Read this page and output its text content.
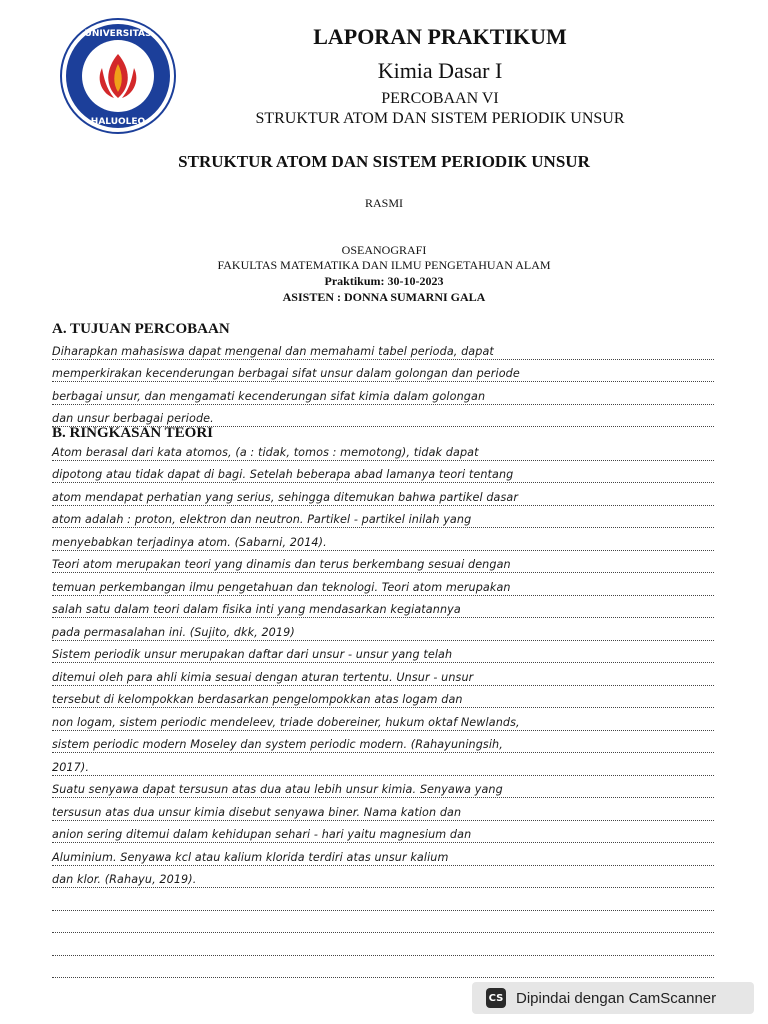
UNIVERSITAS
HALUOLEO
LAPORAN PRAKTIKUM
Kimia Dasar I
PERCOBAAN VI
STRUKTUR ATOM DAN SISTEM PERIODIK UNSUR
STRUKTUR ATOM DAN SISTEM PERIODIK UNSUR
RASMI
OSEANOGRAFI
FAKULTAS MATEMATIKA DAN ILMU PENGETAHUAN ALAM
Praktikum: 30-10-2023
ASISTEN : DONNA SUMARNI GALA
A. TUJUAN PERCOBAAN
Diharapkan mahasiswa dapat mengenal dan memahami tabel perioda, dapat
memperkirakan kecenderungan berbagai sifat unsur dalam golongan dan periode
berbagai unsur, dan mengamati kecenderungan sifat kimia dalam golongan
dan unsur berbagai periode.
B. RINGKASAN TEORI
Atom berasal dari kata atomos, (a : tidak, tomos : memotong), tidak dapat
dipotong atau tidak dapat di bagi. Setelah beberapa abad lamanya teori tentang
atom mendapat perhatian yang serius, sehingga ditemukan bahwa partikel dasar
atom adalah : proton, elektron dan neutron. Partikel - partikel inilah yang
menyebabkan terjadinya atom. (Sabarni, 2014).
Teori atom merupakan teori yang dinamis dan terus berkembang sesuai dengan
temuan perkembangan ilmu pengetahuan dan teknologi. Teori atom merupakan
salah satu dalam teori dalam fisika inti yang mendasarkan kegiatannya
pada permasalahan ini. (Sujito, dkk, 2019)
Sistem periodik unsur merupakan daftar dari unsur - unsur yang telah
ditemui oleh para ahli kimia sesuai dengan aturan tertentu. Unsur - unsur
tersebut di kelompokkan berdasarkan pengelompokkan atas logam dan
non logam, sistem periodic mendeleev, triade dobereiner, hukum oktaf Newlands,
sistem periodic modern Moseley dan system periodic modern. (Rahayuningsih,
2017).
Suatu senyawa dapat tersusun atas dua atau lebih unsur kimia. Senyawa yang
tersusun atas dua unsur kimia disebut senyawa biner. Nama kation dan
anion sering ditemui dalam kehidupan sehari - hari yaitu magnesium dan
Aluminium. Senyawa kcl atau kalium klorida terdiri atas unsur kalium
dan klor. (Rahayu, 2019).
CS Dipindai dengan CamScanner
